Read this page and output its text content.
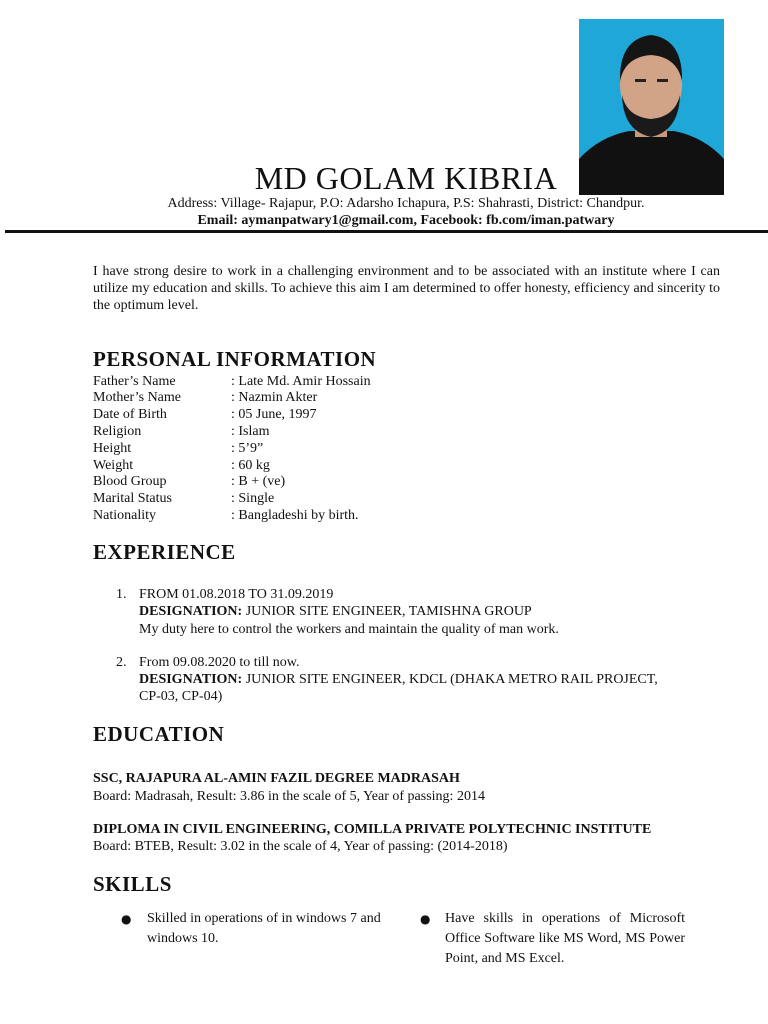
MD GOLAM KIBRIA
Address: Village- Rajapur, P.O: Adarsho Ichapura, P.S: Shahrasti, District: Chandpur.
Email: aymanpatwary1@gmail.com, Facebook: fb.com/iman.patwary
I have strong desire to work in a challenging environment and to be associated with an institute where I can utilize my education and skills. To achieve this aim I am determined to offer honesty, efficiency and sincerity to the optimum level.
PERSONAL INFORMATION
Father’s Name	: Late Md. Amir Hossain
Mother’s Name	: Nazmin Akter
Date of Birth	: 05 June, 1997
Religion	: Islam
Height	: 5’9”
Weight	: 60 kg
Blood Group	: B + (ve)
Marital Status	: Single
Nationality	: Bangladeshi by birth.
EXPERIENCE
1. FROM 01.08.2018 TO 31.09.2019
DESIGNATION: JUNIOR SITE ENGINEER, TAMISHNA GROUP
My duty here to control the workers and maintain the quality of man work.
2. From 09.08.2020 to till now.
DESIGNATION: JUNIOR SITE ENGINEER, KDCL (DHAKA METRO RAIL PROJECT,
CP-03, CP-04)
EDUCATION
SSC, RAJAPURA AL-AMIN FAZIL DEGREE MADRASAH
Board: Madrasah, Result: 3.86 in the scale of 5, Year of passing: 2014
DIPLOMA IN CIVIL ENGINEERING, COMILLA PRIVATE POLYTECHNIC INSTITUTE
Board: BTEB, Result: 3.02 in the scale of 4, Year of passing: (2014-2018)
SKILLS
● Skilled in operations of in windows 7 and windows 10.
● Have skills in operations of Microsoft Office Software like MS Word, MS Power Point, and MS Excel.
